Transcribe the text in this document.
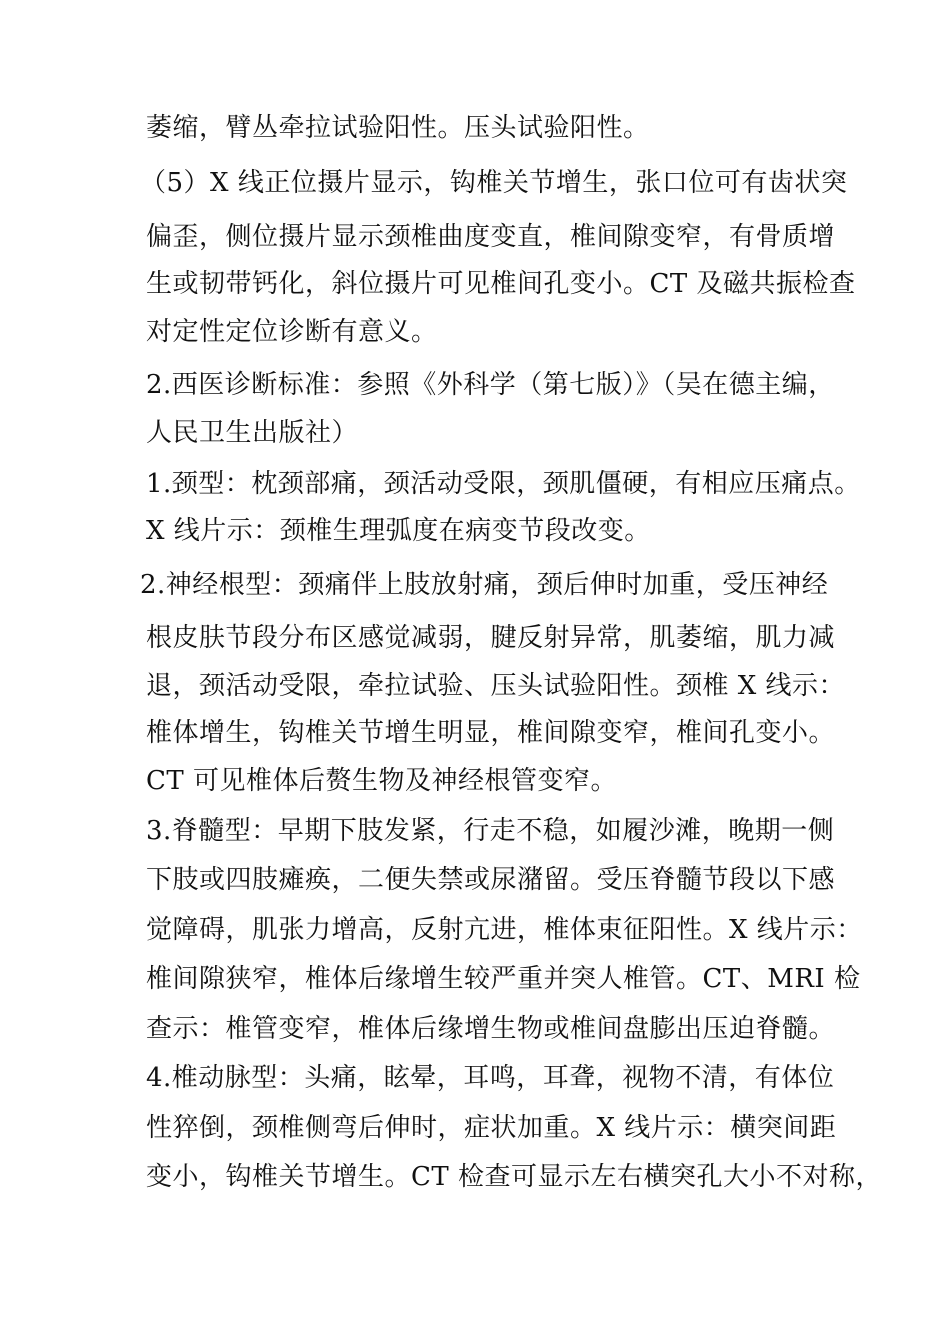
萎缩，臂丛牵拉试验阳性。压头试验阳性。
（5）X 线正位摄片显示，钩椎关节增生，张口位可有齿状突
偏歪，侧位摄片显示颈椎曲度变直，椎间隙变窄，有骨质增
生或韧带钙化，斜位摄片可见椎间孔变小。CT 及磁共振检查
对定性定位诊断有意义。
2.西医诊断标准：参照《外科学（第七版）》（吴在德主编，
人民卫生出版社）
1.颈型：枕颈部痛，颈活动受限，颈肌僵硬，有相应压痛点。
X 线片示：颈椎生理弧度在病变节段改变。
2.神经根型：颈痛伴上肢放射痛，颈后伸时加重，受压神经
根皮肤节段分布区感觉减弱，腱反射异常，肌萎缩，肌力减
退，颈活动受限，牵拉试验、压头试验阳性。颈椎 X 线示：
椎体增生，钩椎关节增生明显，椎间隙变窄，椎间孔变小。
CT 可见椎体后赘生物及神经根管变窄。
3.脊髓型：早期下肢发紧，行走不稳，如履沙滩，晚期一侧
下肢或四肢瘫痪，二便失禁或尿潴留。受压脊髓节段以下感
觉障碍，肌张力增高，反射亢进，椎体束征阳性。X 线片示：
椎间隙狭窄，椎体后缘增生较严重并突人椎管。CT、MRI 检
查示：椎管变窄，椎体后缘增生物或椎间盘膨出压迫脊髓。
4.椎动脉型：头痛，眩晕，耳鸣，耳聋，视物不清，有体位
性猝倒，颈椎侧弯后伸时，症状加重。X 线片示：横突间距
变小，钩椎关节增生。CT 检查可显示左右横突孔大小不对称，
